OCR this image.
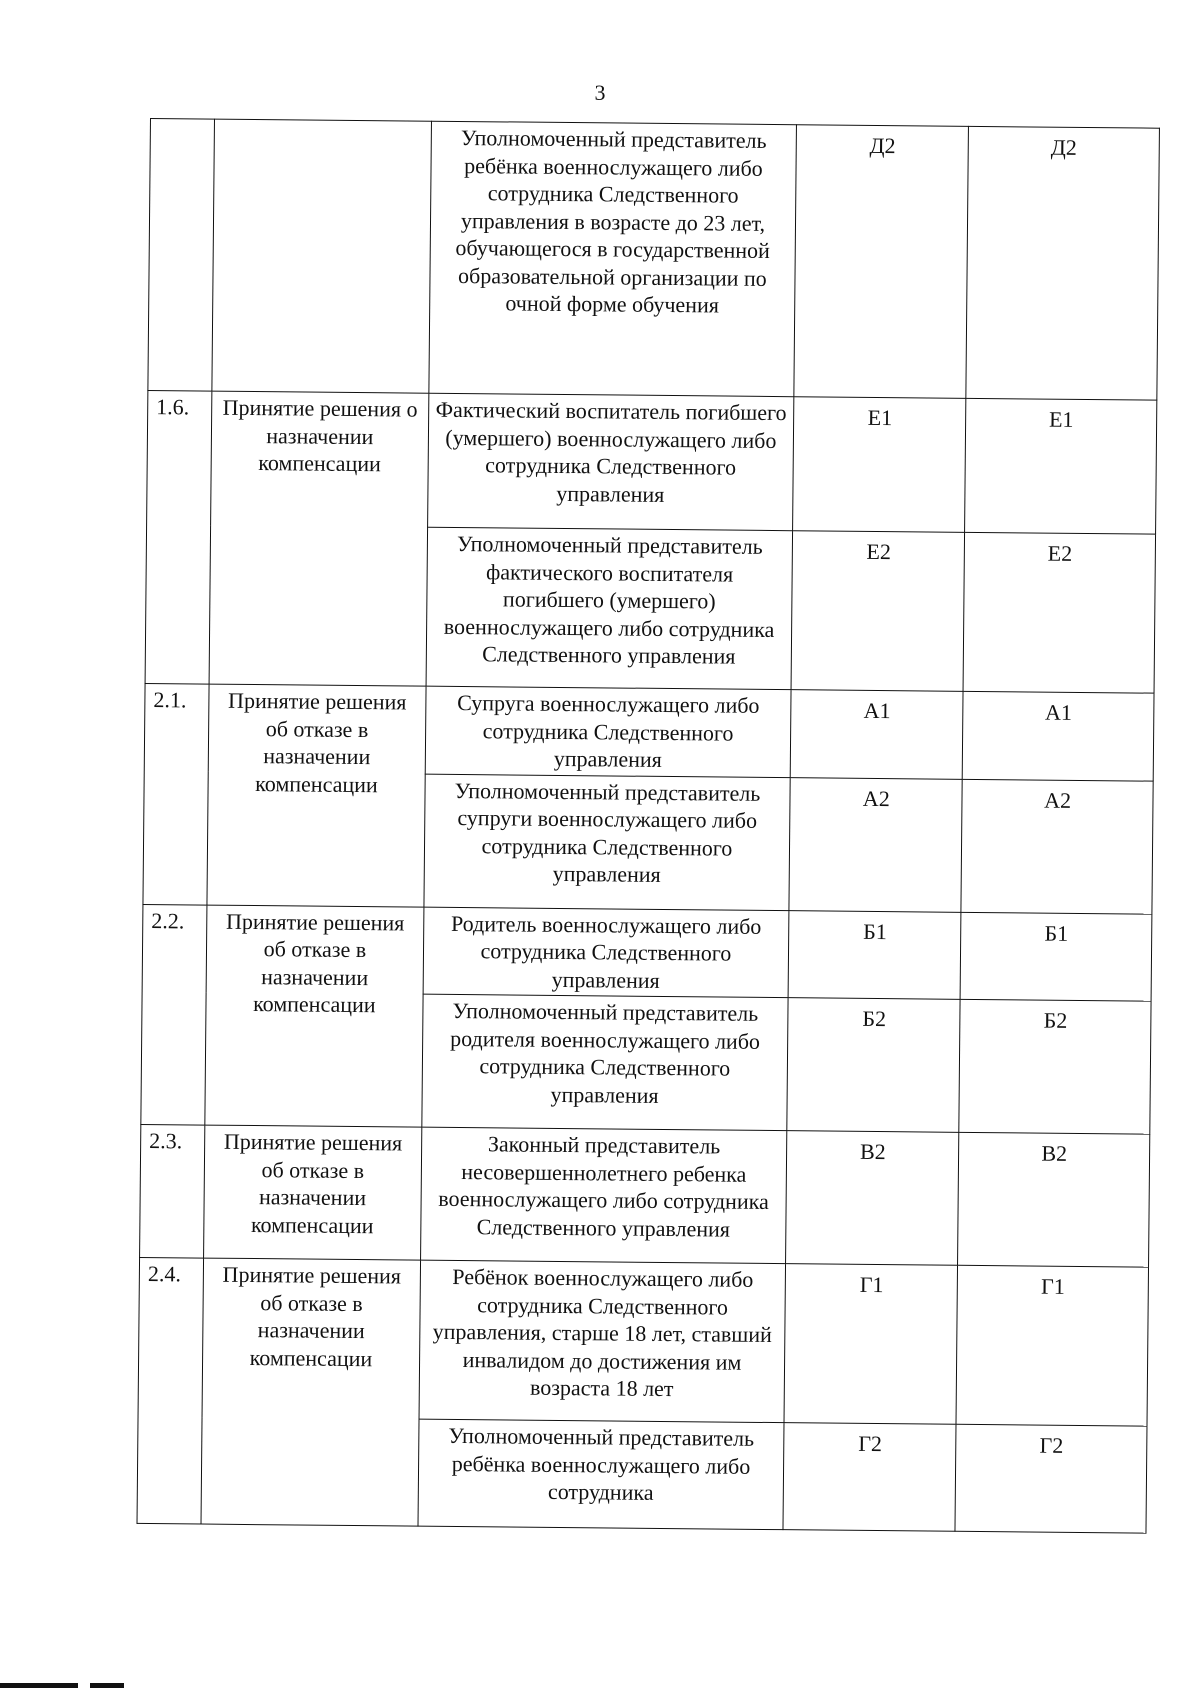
3
		Уполномоченный представитель ребёнка военнослужащего либо сотрудника Следственного управления в возрасте до 23 лет, обучающегося в государственной образовательной организации по очной форме обучения	Д2	Д2
1.6.	Принятие решения о назначении компенсации	Фактический воспитатель погибшего (умершего) военнослужащего либо сотрудника Следственного управления	Е1	Е1
		Уполномоченный представитель фактического воспитателя погибшего (умершего) военнослужащего либо сотрудника Следственного управления	Е2	Е2
2.1.	Принятие решения об отказе в назначении компенсации	Супруга военнослужащего либо сотрудника Следственного управления	А1	А1
		Уполномоченный представитель супруги военнослужащего либо сотрудника Следственного управления	А2	А2
2.2.	Принятие решения об отказе в назначении компенсации	Родитель военнослужащего либо сотрудника Следственного управления	Б1	Б1
		Уполномоченный представитель родителя военнослужащего либо сотрудника Следственного управления	Б2	Б2
2.3.	Принятие решения об отказе в назначении компенсации	Законный представитель несовершеннолетнего ребенка военнослужащего либо сотрудника Следственного управления	В2	В2
2.4.	Принятие решения об отказе в назначении компенсации	Ребёнок военнослужащего либо сотрудника Следственного управления, старше 18 лет, ставший инвалидом до достижения им возраста 18 лет	Г1	Г1
		Уполномоченный представитель ребёнка военнослужащего либо сотрудника	Г2	Г2
